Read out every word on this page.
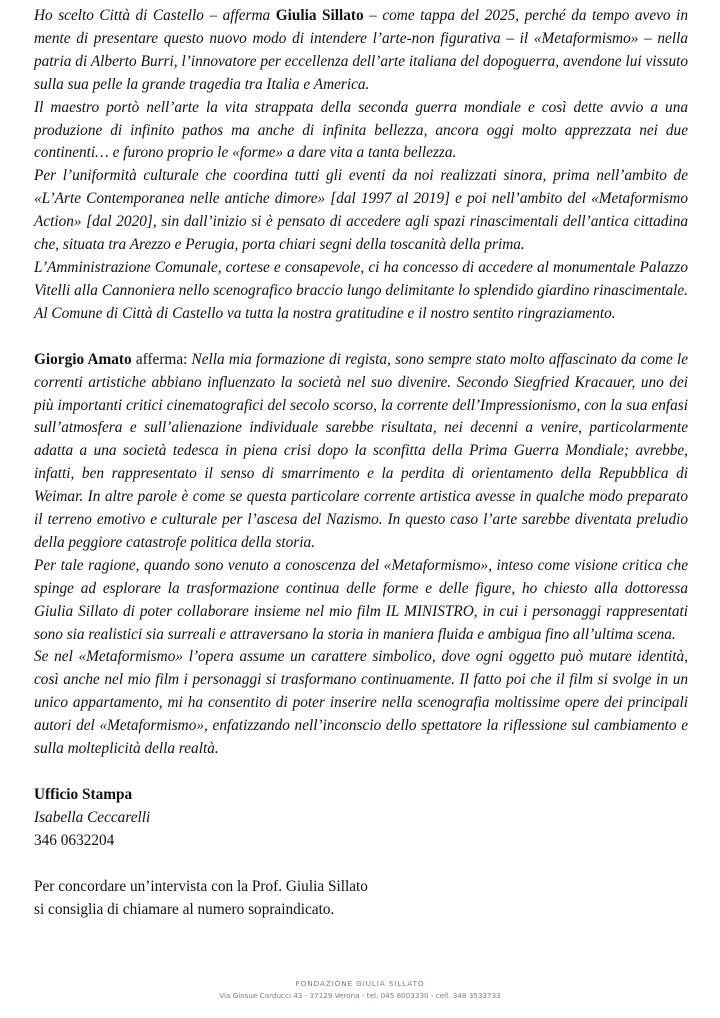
Ho scelto Città di Castello – afferma Giulia Sillato – come tappa del 2025, perché da tempo avevo in mente di presentare questo nuovo modo di intendere l’arte-non figurativa – il «Metaformismo» – nella patria di Alberto Burri, l’innovatore per eccellenza dell’arte italiana del dopoguerra, avendone lui vissuto sulla sua pelle la grande tragedia tra Italia e America.

Il maestro portò nell’arte la vita strappata della seconda guerra mondiale e così dette avvio a una produzione di infinito pathos ma anche di infinita bellezza, ancora oggi molto apprezzata nei due continenti… e furono proprio le «forme» a dare vita a tanta bellezza.

Per l’uniformità culturale che coordina tutti gli eventi da noi realizzati sinora, prima nell’ambito de «L’Arte Contemporanea nelle antiche dimore» [dal 1997 al 2019] e poi nell’ambito del «Metaformismo Action» [dal 2020], sin dall’inizio si è pensato di accedere agli spazi rinascimentali dell’antica cittadina che, situata tra Arezzo e Perugia, porta chiari segni della toscanità della prima.

L’Amministrazione Comunale, cortese e consapevole, ci ha concesso di accedere al monumentale Palazzo Vitelli alla Cannoniera nello scenografico braccio lungo delimitante lo splendido giardino rinascimentale. Al Comune di Città di Castello va tutta la nostra gratitudine e il nostro sentito ringraziamento.

Giorgio Amato afferma: Nella mia formazione di regista, sono sempre stato molto affascinato da come le correnti artistiche abbiano influenzato la società nel suo divenire. Secondo Siegfried Kracauer, uno dei più importanti critici cinematografici del secolo scorso, la corrente dell’Impressionismo, con la sua enfasi sull’atmosfera e sull’alienazione individuale sarebbe risultata, nei decenni a venire, particolarmente adatta a una società tedesca in piena crisi dopo la sconfitta della Prima Guerra Mondiale; avrebbe, infatti, ben rappresentato il senso di smarrimento e la perdita di orientamento della Repubblica di Weimar. In altre parole è come se questa particolare corrente artistica avesse in qualche modo preparato il terreno emotivo e culturale per l’ascesa del Nazismo. In questo caso l’arte sarebbe diventata preludio della peggiore catastrofe politica della storia.

Per tale ragione, quando sono venuto a conoscenza del «Metaformismo», inteso come visione critica che spinge ad esplorare la trasformazione continua delle forme e delle figure, ho chiesto alla dottoressa Giulia Sillato di poter collaborare insieme nel mio film IL MINISTRO, in cui i personaggi rappresentati sono sia realistici sia surreali e attraversano la storia in maniera fluida e ambigua fino all’ultima scena.

Se nel «Metaformismo» l’opera assume un carattere simbolico, dove ogni oggetto può mutare identità, così anche nel mio film i personaggi si trasformano continuamente. Il fatto poi che il film si svolge in un unico appartamento, mi ha consentito di poter inserire nella scenografia moltissime opere dei principali autori del «Metaformismo», enfatizzando nell’inconscio dello spettatore la riflessione sul cambiamento e sulla molteplicità della realtà.

Ufficio Stampa

Isabella Ceccarelli

346 0632204

Per concordare un’intervista con la Prof. Giulia Sillato

si consiglia di chiamare al numero sopraindicato.

FONDAZIONE GIULIA SILLATO
Via Giosue Carducci 43 - 37129 Verona - tel. 045 8003330 - cell. 348 3533733
